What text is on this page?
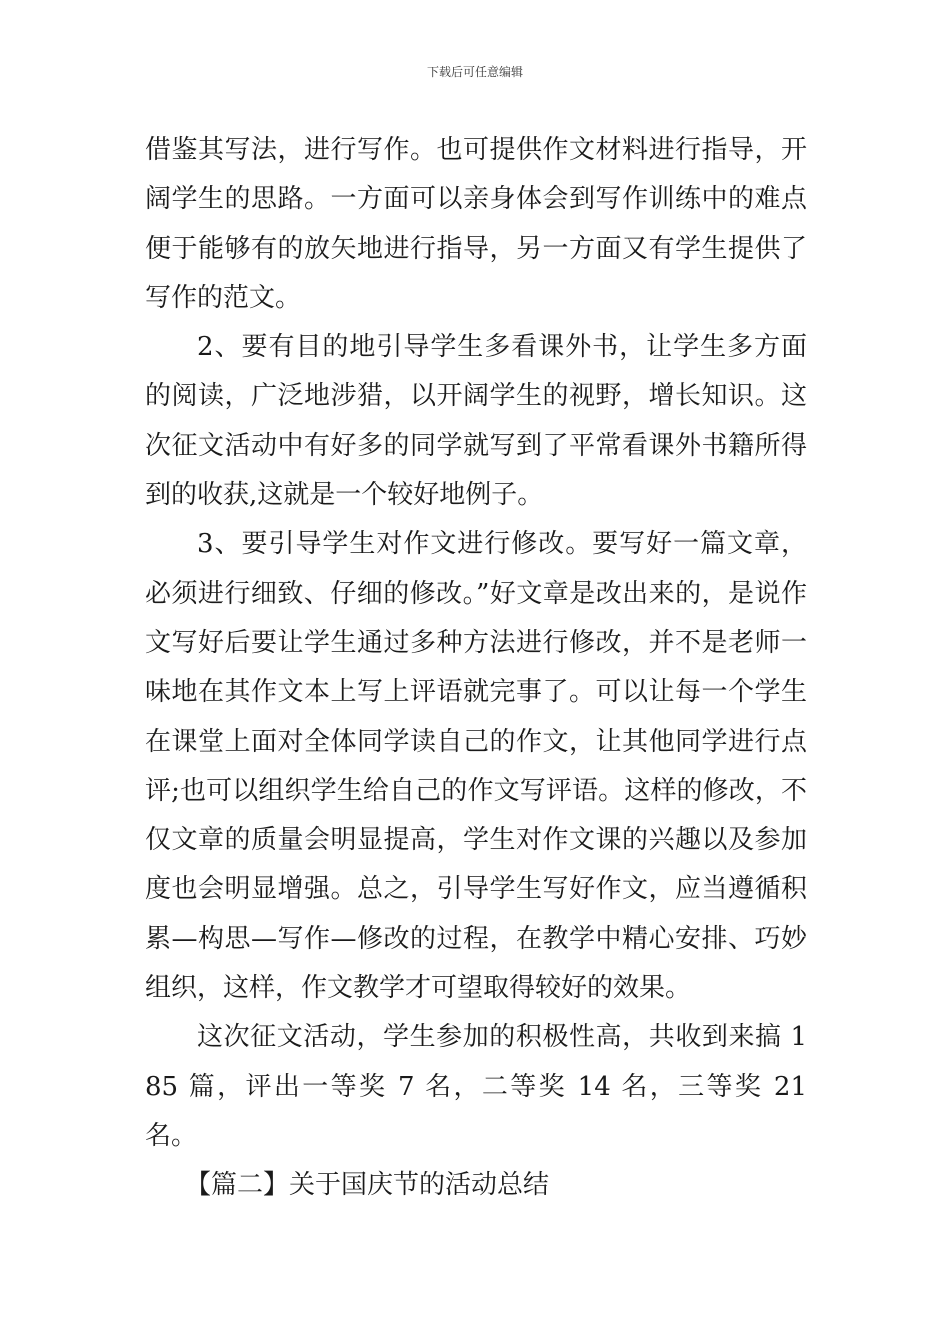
下载后可任意编辑

借鉴其写法，进行写作。也可提供作文材料进行指导，开阔学生的思路。一方面可以亲身体会到写作训练中的难点便于能够有的放矢地进行指导，另一方面又有学生提供了写作的范文。

2、要有目的地引导学生多看课外书，让学生多方面的阅读，广泛地涉猎，以开阔学生的视野，增长知识。这次征文活动中有好多的同学就写到了平常看课外书籍所得到的收获,这就是一个较好地例子。

3、要引导学生对作文进行修改。要写好一篇文章，必须进行细致、仔细的修改。”好文章是改出来的，是说作文写好后要让学生通过多种方法进行修改，并不是老师一味地在其作文本上写上评语就完事了。可以让每一个学生在课堂上面对全体同学读自己的作文，让其他同学进行点评;也可以组织学生给自己的作文写评语。这样的修改，不仅文章的质量会明显提高，学生对作文课的兴趣以及参加度也会明显增强。总之，引导学生写好作文，应当遵循积累—构思—写作—修改的过程，在教学中精心安排、巧妙组织，这样，作文教学才可望取得较好的效果。

这次征文活动，学生参加的积极性高，共收到来搞 185 篇，评出一等奖 7 名，二等奖 14 名，三等奖 21 名。

【篇二】关于国庆节的活动总结
